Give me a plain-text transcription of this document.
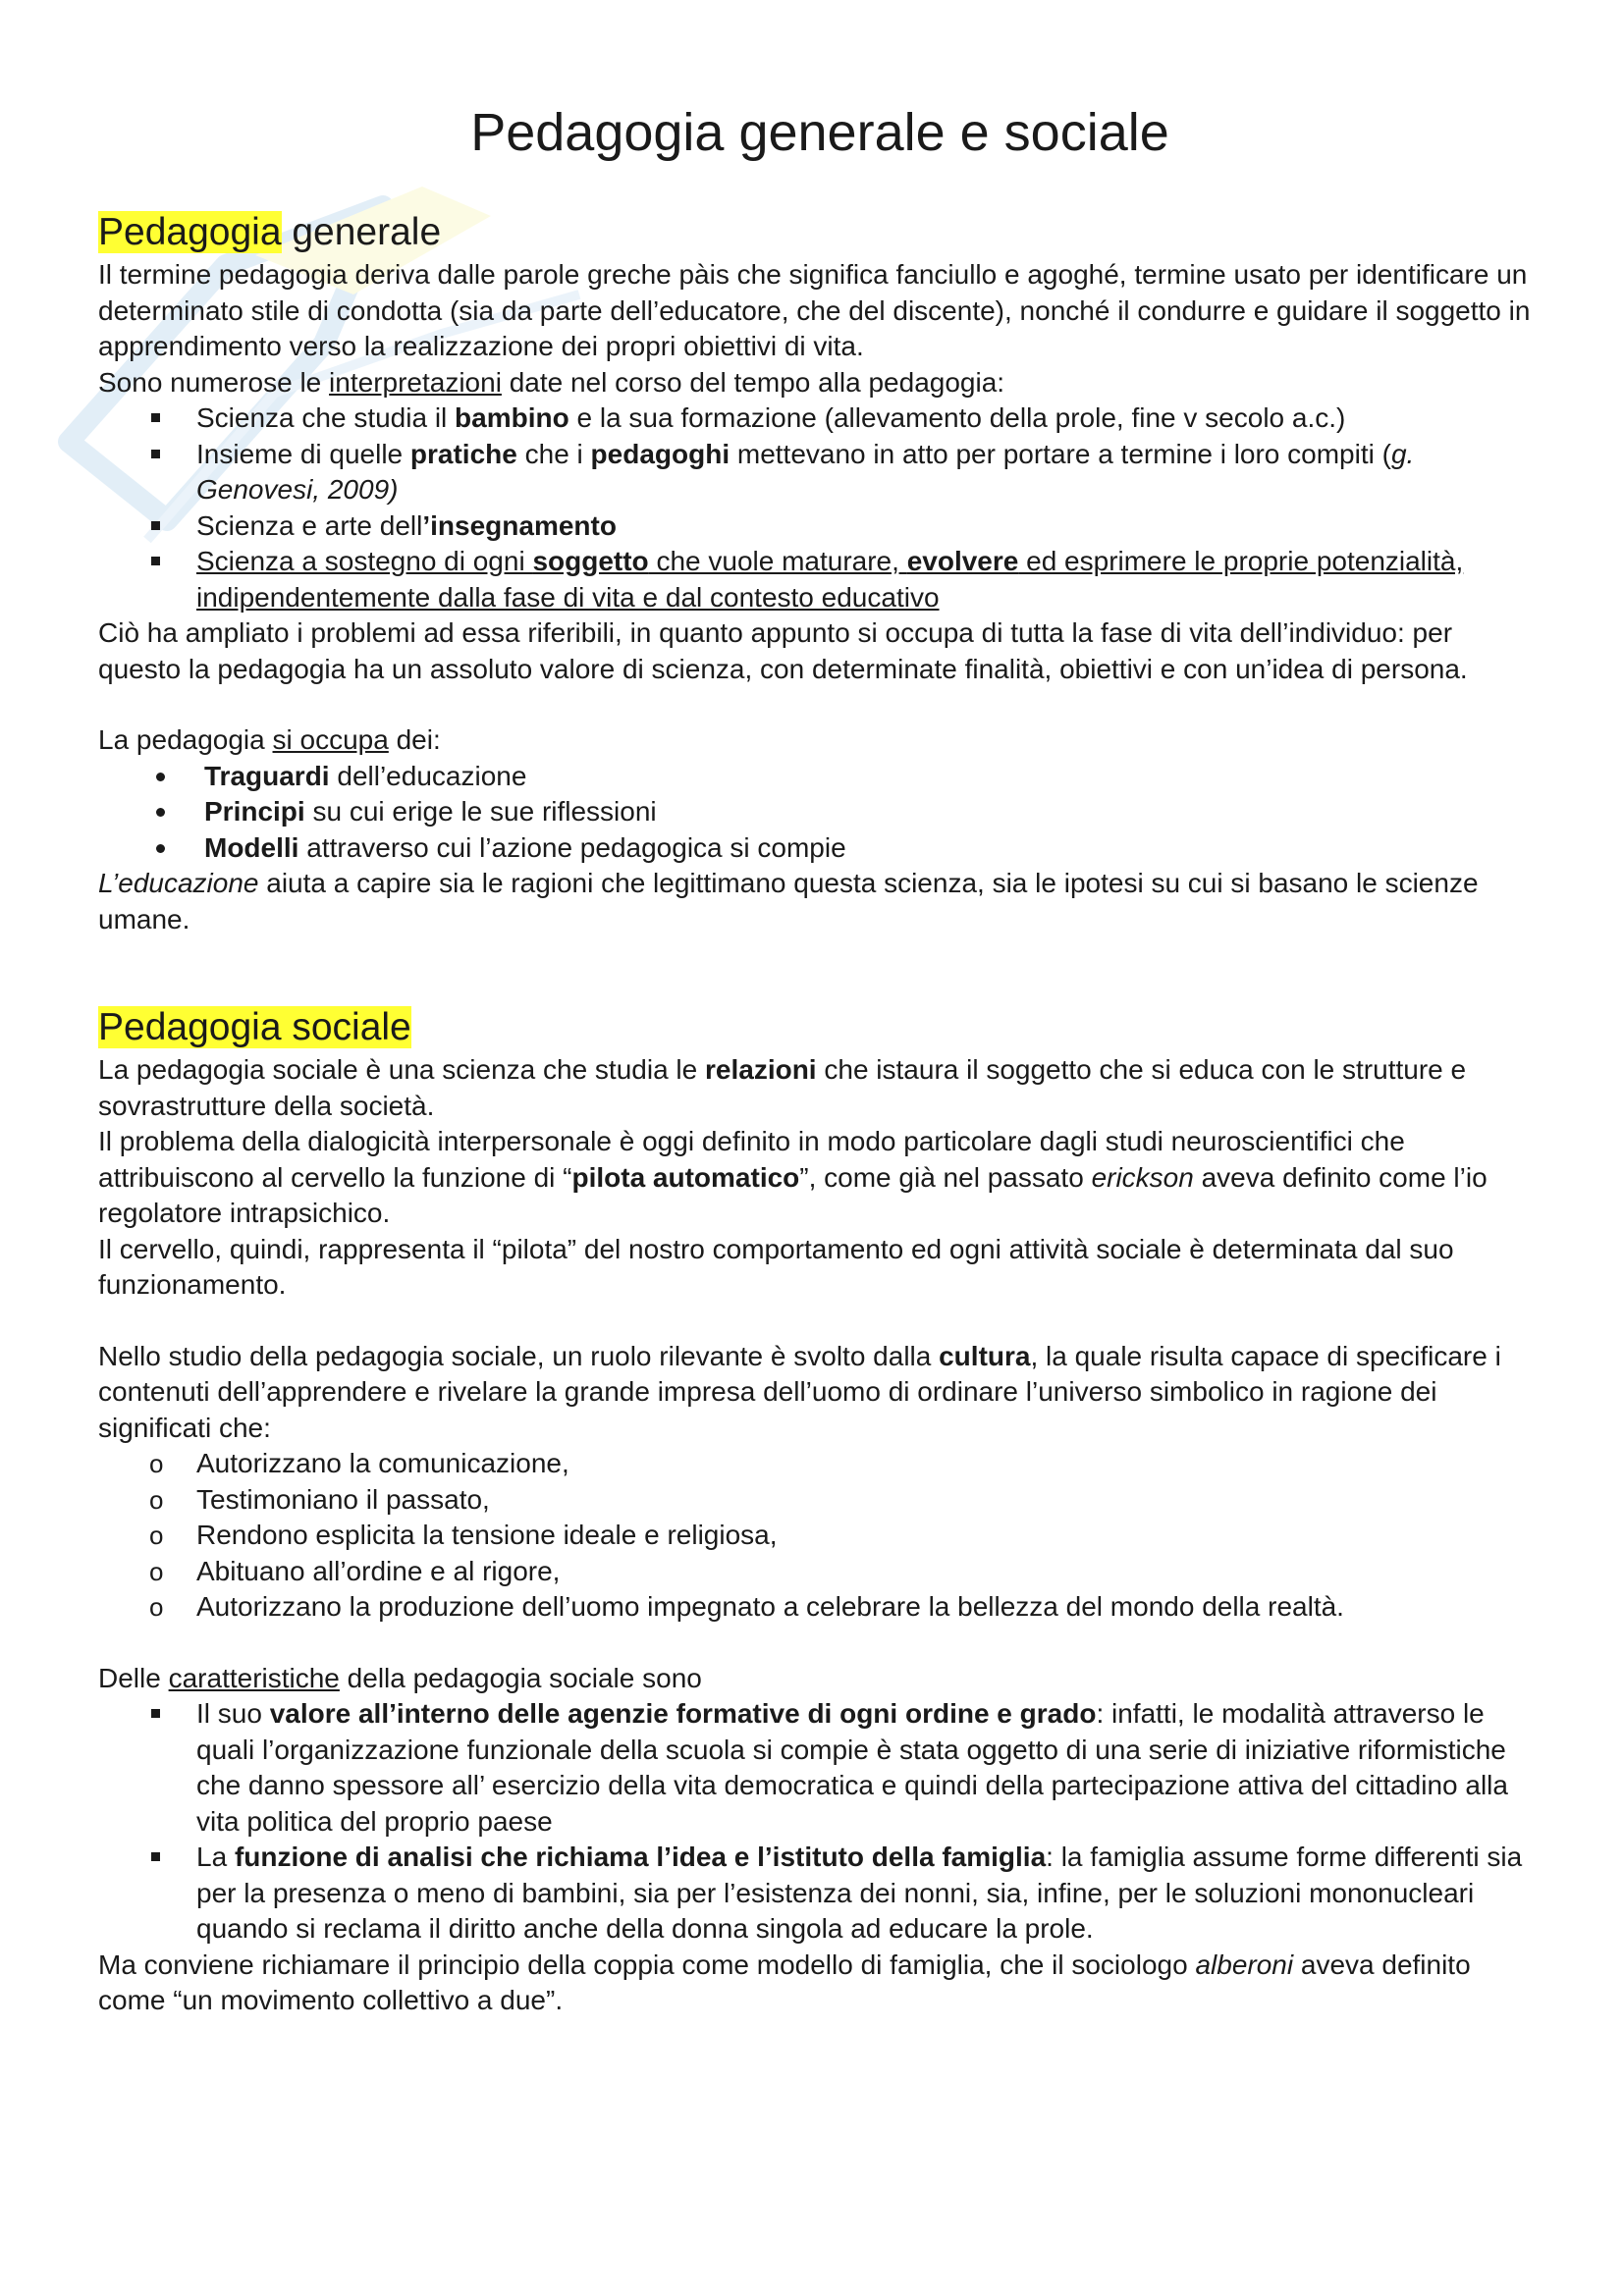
Pedagogia generale e sociale
Pedagogia generale

Il termine pedagogia deriva dalle parole greche pàis che significa fanciullo e agoghé, termine usato per identificare un determinato stile di condotta (sia da parte dell’educatore, che del discente), nonché il condurre e guidare il soggetto in apprendimento verso la realizzazione dei propri obiettivi di vita.

Sono numerose le interpretazioni date nel corso del tempo alla pedagogia:

Scienza che studia il bambino e la sua formazione (allevamento della prole, fine v secolo a.c.)
Insieme di quelle pratiche che i pedagoghi mettevano in atto per portare a termine i loro compiti (g. Genovesi, 2009)
Scienza e arte dell’insegnamento
Scienza a sostegno di ogni soggetto che vuole maturare, evolvere ed esprimere le proprie potenzialità, indipendentemente dalla fase di vita e dal contesto educativo

Ciò ha ampliato i problemi ad essa riferibili, in quanto appunto si occupa di tutta la fase di vita dell’individuo: per questo la pedagogia ha un assoluto valore di scienza, con determinate finalità, obiettivi e con un’idea di persona.

La pedagogia si occupa dei:

Traguardi dell’educazione
Principi su cui erige le sue riflessioni
Modelli attraverso cui l’azione pedagogica si compie

L’educazione aiuta a capire sia le ragioni che legittimano questa scienza, sia le ipotesi su cui si basano le scienze umane.

Pedagogia sociale

La pedagogia sociale è una scienza che studia le relazioni che istaura il soggetto che si educa con le strutture e sovrastrutture della società.

Il problema della dialogicità interpersonale è oggi definito in modo particolare dagli studi neuroscientifici che attribuiscono al cervello la funzione di “pilota automatico”, come già nel passato erickson aveva definito come l’io regolatore intrapsichico.

Il cervello, quindi, rappresenta il “pilota” del nostro comportamento ed ogni attività sociale è determinata dal suo funzionamento.

Nello studio della pedagogia sociale, un ruolo rilevante è svolto dalla cultura, la quale risulta capace di specificare i contenuti dell’apprendere e rivelare la grande impresa dell’uomo di ordinare l’universo simbolico in ragione dei significati che:

o	Autorizzano la comunicazione,
o	Testimoniano il passato,
o	Rendono esplicita la tensione ideale e religiosa,
o	Abituano all’ordine e al rigore,
o	Autorizzano la produzione dell’uomo impegnato a celebrare la bellezza del mondo della realtà.

Delle caratteristiche della pedagogia sociale sono

Il suo valore all’interno delle agenzie formative di ogni ordine e grado: infatti, le modalità attraverso le quali l’organizzazione funzionale della scuola si compie è stata oggetto di una serie di iniziative riformistiche che danno spessore all’ esercizio della vita democratica e quindi della partecipazione attiva del cittadino alla vita politica del proprio paese
La funzione di analisi che richiama l’idea e l’istituto della famiglia: la famiglia assume forme differenti sia per la presenza o meno di bambini, sia per l’esistenza dei nonni, sia, infine, per le soluzioni mononucleari quando si reclama il diritto anche della donna singola ad educare la prole.

Ma conviene richiamare il principio della coppia come modello di famiglia, che il sociologo alberoni aveva definito come “un movimento collettivo a due”.
